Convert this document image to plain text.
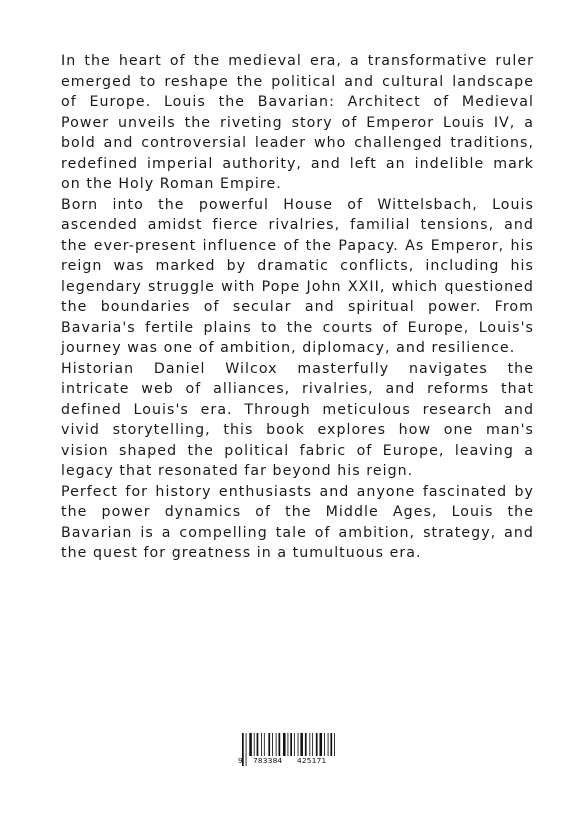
In the heart of the medieval era, a transformative ruler emerged to reshape the political and cultural landscape of Europe. Louis the Bavarian: Architect of Medieval Power unveils the riveting story of Emperor Louis IV, a bold and controversial leader who challenged traditions, redefined imperial authority, and left an indelible mark on the Holy Roman Empire.

Born into the powerful House of Wittelsbach, Louis ascended amidst fierce rivalries, familial tensions, and the ever-present influence of the Papacy. As Emperor, his reign was marked by dramatic conflicts, including his legendary struggle with Pope John XXII, which questioned the boundaries of secular and spiritual power. From Bavaria's fertile plains to the courts of Europe, Louis's journey was one of ambition, diplomacy, and resilience.

Historian Daniel Wilcox masterfully navigates the intricate web of alliances, rivalries, and reforms that defined Louis's era. Through meticulous research and vivid storytelling, this book explores how one man's vision shaped the political fabric of Europe, leaving a legacy that resonated far beyond his reign.

Perfect for history enthusiasts and anyone fascinated by the power dynamics of the Middle Ages, Louis the Bavarian is a compelling tale of ambition, strategy, and the quest for greatness in a tumultuous era.

9 783384 425171
